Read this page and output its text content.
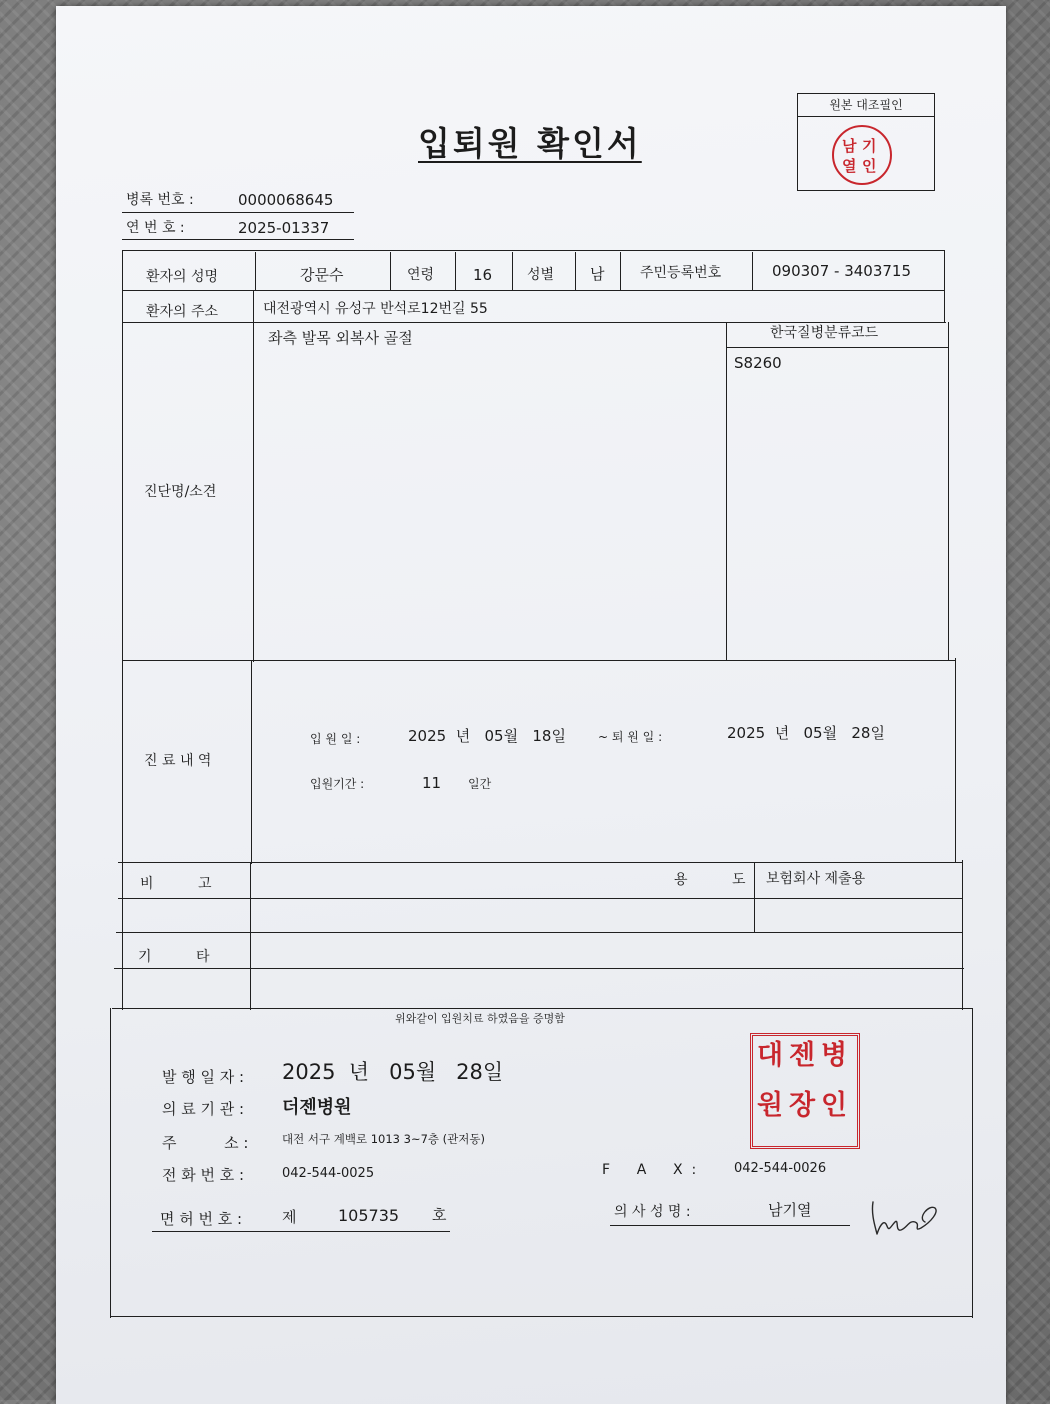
입퇴원 확인서
원본 대조필인
남 기
열 인
병록 번호 :	0000068645
연 번 호 :	2025-01337
환자의 성명	강문수	연령	16 성별 남	주민등록번호	090307 - 3403715
환자의 주소	대전광역시 유성구 반석로12번길 55
진단명/소견
좌측 발목 외복사 골절	한국질병분류코드
S8260
진 료 내 역
입 원 일 :	2025  년   05월   18일	~ 퇴 원 일 :	2025  년   05월   28일
입원기간 :	11 일간
비          고	용          도 보험회사 제출용
기          타
위와같이 입원치료 하였음을 증명함
발 행 일 자 : 2025  년   05월   28일
의 료 기 관 : 더젠병원
주          소 :	대전 서구 계백로 1013 3~7층 (관저동)
전 화 번 호 :	042-544-0025	F      A      X  :	042-544-0026
면 허 번 호 :	제	105735 호	의 사 성 명 :	남기열
대 젠 병
원 장 인
